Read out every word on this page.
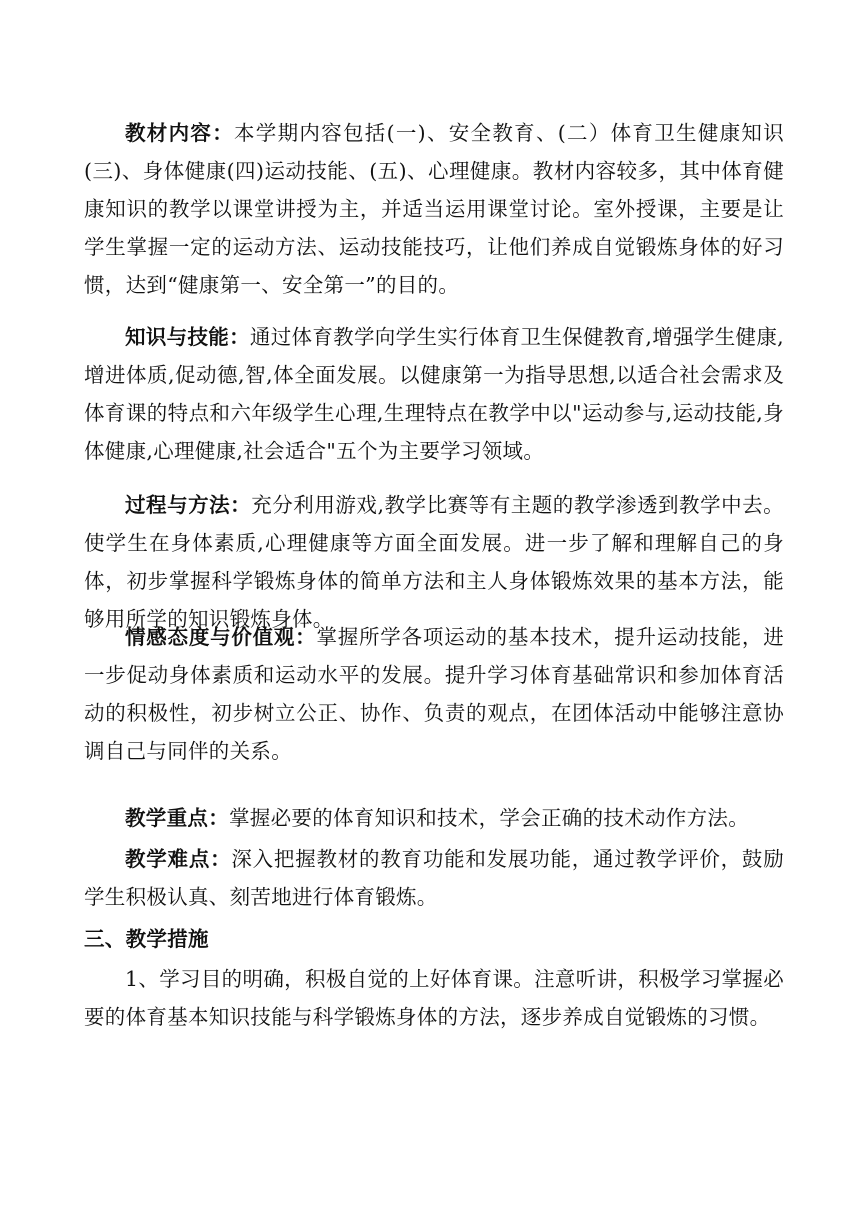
教材内容：本学期内容包括(一)、安全教育、(二）体育卫生健康知识(三)、身体健康(四)运动技能、(五)、心理健康。教材内容较多，其中体育健康知识的教学以课堂讲授为主，并适当运用课堂讨论。室外授课，主要是让学生掌握一定的运动方法、运动技能技巧，让他们养成自觉锻炼身体的好习惯，达到“健康第一、安全第一”的目的。

知识与技能：通过体育教学向学生实行体育卫生保健教育,增强学生健康,增进体质,促动德,智,体全面发展。以健康第一为指导思想,以适合社会需求及体育课的特点和六年级学生心理,生理特点在教学中以"运动参与,运动技能,身体健康,心理健康,社会适合"五个为主要学习领域。

过程与方法：充分利用游戏,教学比赛等有主题的教学渗透到教学中去。使学生在身体素质,心理健康等方面全面发展。进一步了解和理解自己的身体，初步掌握科学锻炼身体的简单方法和主人身体锻炼效果的基本方法，能够用所学的知识锻炼身体。

情感态度与价值观：掌握所学各项运动的基本技术，提升运动技能，进一步促动身体素质和运动水平的发展。提升学习体育基础常识和参加体育活动的积极性，初步树立公正、协作、负责的观点，在团体活动中能够注意协调自己与同伴的关系。

教学重点：掌握必要的体育知识和技术，学会正确的技术动作方法。

教学难点：深入把握教材的教育功能和发展功能，通过教学评价，鼓励学生积极认真、刻苦地进行体育锻炼。

三、教学措施

1、学习目的明确，积极自觉的上好体育课。注意听讲，积极学习掌握必要的体育基本知识技能与科学锻炼身体的方法，逐步养成自觉锻炼的习惯。
